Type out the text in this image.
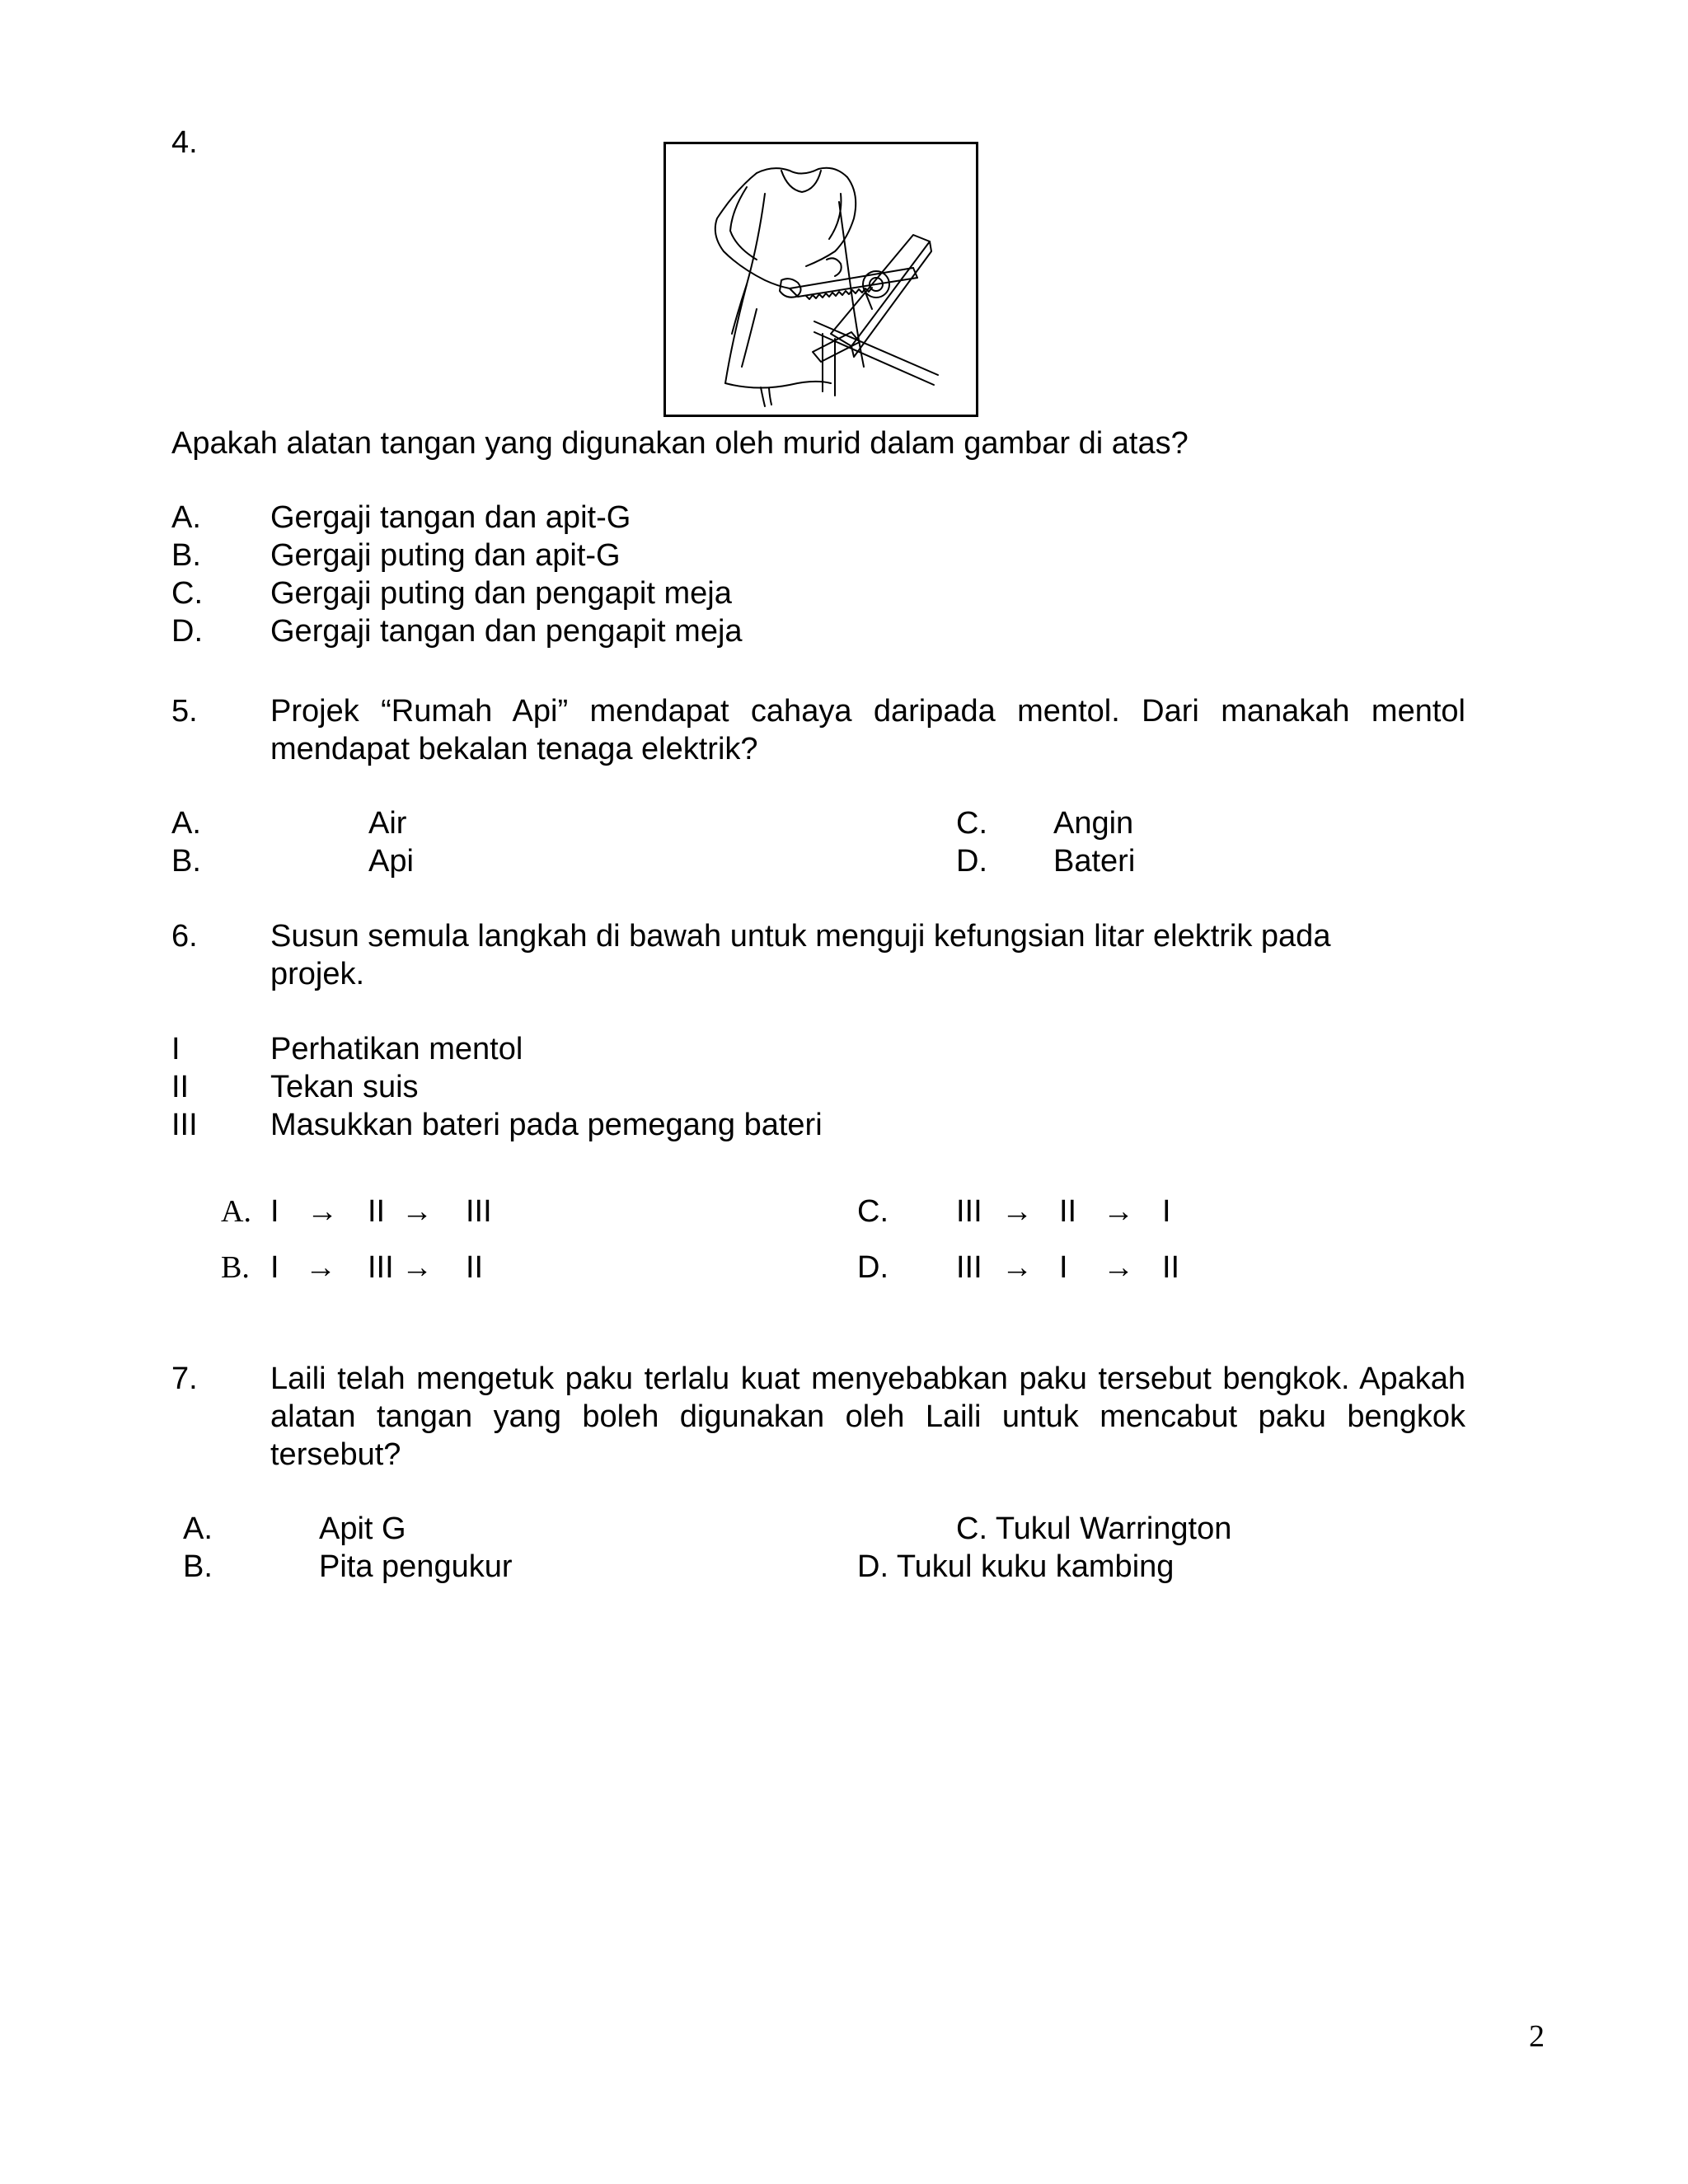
4.
Apakah alatan tangan yang digunakan oleh murid dalam gambar di atas?
A. Gergaji tangan dan apit-G
B. Gergaji puting dan apit-G
C. Gergaji puting dan pengapit meja
D. Gergaji tangan dan pengapit meja
5. Projek “Rumah Api” mendapat cahaya daripada mentol. Dari manakah mentol mendapat bekalan tenaga elektrik?
A.	Air
B.	Api
C. Angin
D. Bateri
6. Susun semula langkah di bawah untuk menguji kefungsian litar elektrik pada projek.
I	Perhatikan mentol
II	Tekan suis
III Masukkan bateri pada pemegang bateri
A. I → II → III
B. I → III → II
C. III → II → I
D. III → I → II
7. Laili telah mengetuk paku terlalu kuat menyebabkan paku tersebut bengkok. Apakah alatan tangan yang boleh digunakan oleh Laili untuk mencabut paku bengkok tersebut?
A.	Apit G
B.	Pita pengukur
C. Tukul Warrington
D. Tukul kuku kambing
2
